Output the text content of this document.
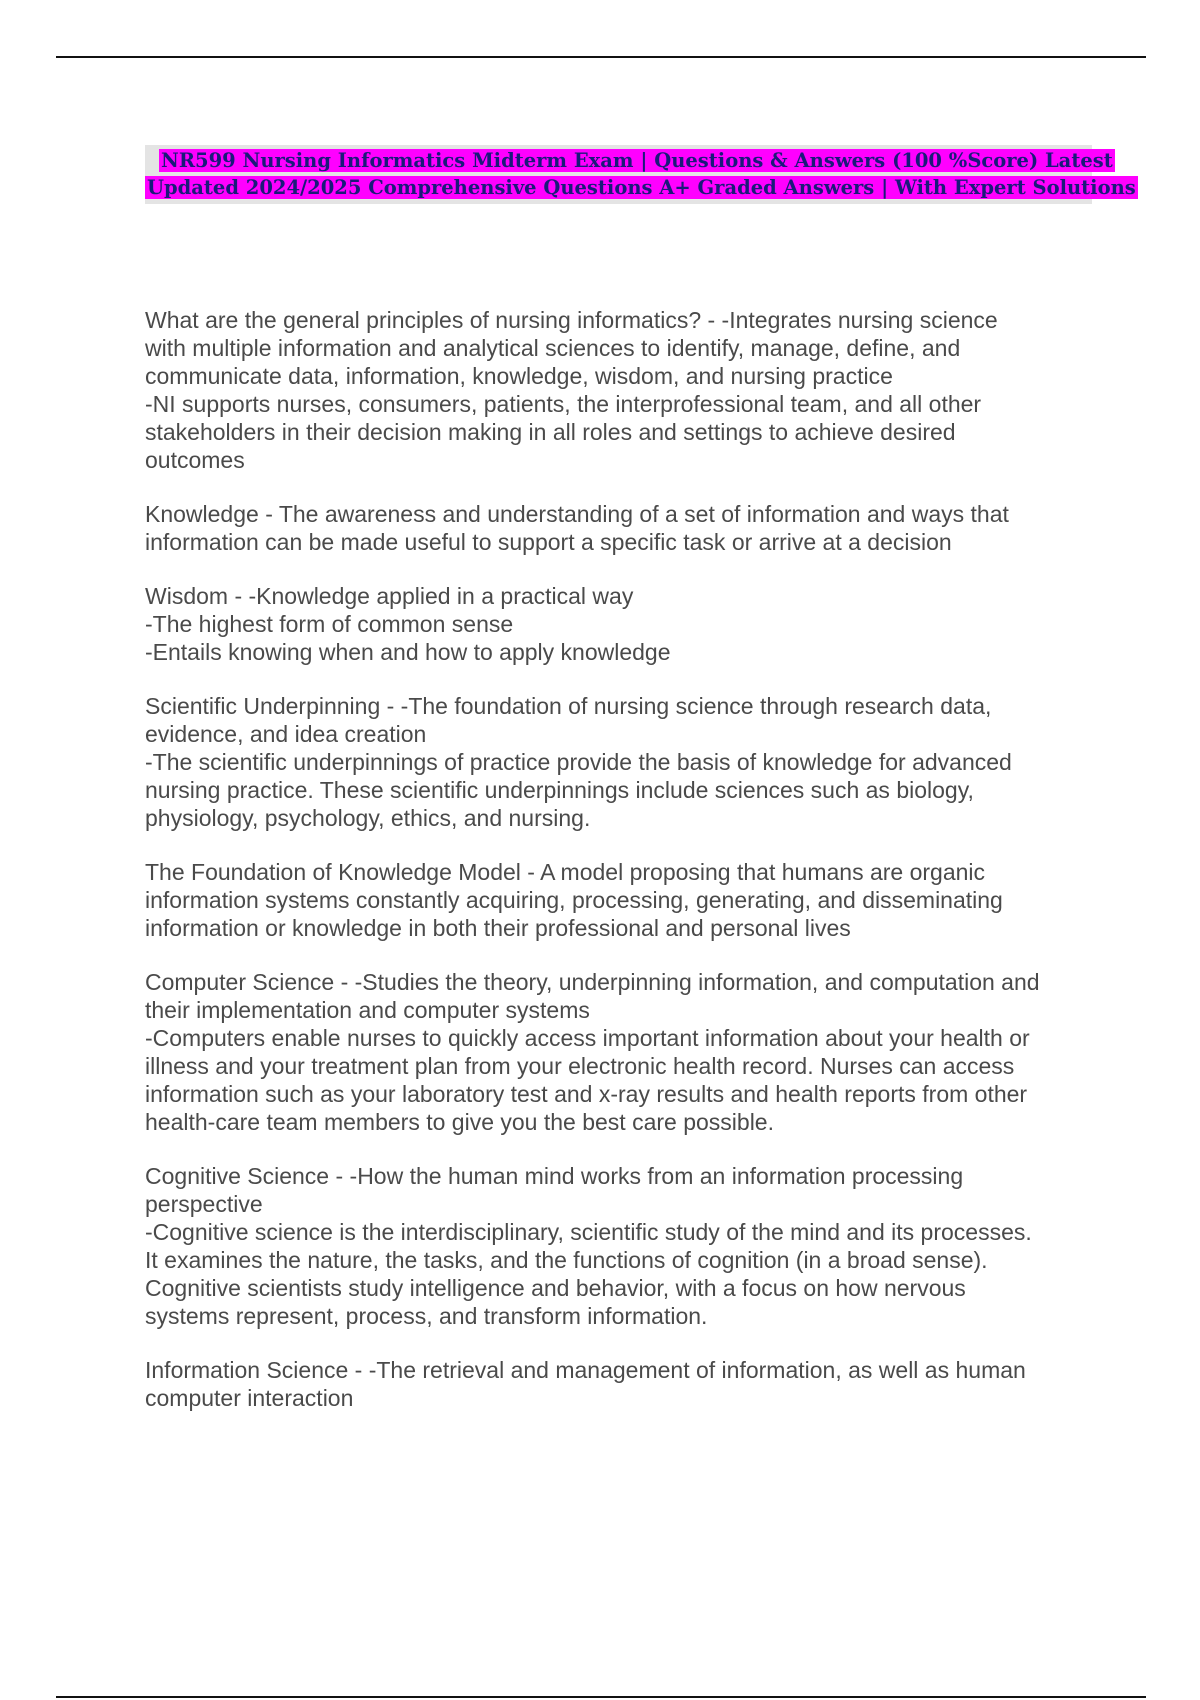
NR599 Nursing Informatics Midterm Exam | Questions & Answers (100 %Score) Latest
Updated 2024/2025 Comprehensive Questions A+ Graded Answers | With Expert Solutions
What are the general principles of nursing informatics? - -Integrates nursing science
with multiple information and analytical sciences to identify, manage, define, and
communicate data, information, knowledge, wisdom, and nursing practice
-NI supports nurses, consumers, patients, the interprofessional team, and all other
stakeholders in their decision making in all roles and settings to achieve desired
outcomes
Knowledge - The awareness and understanding of a set of information and ways that
information can be made useful to support a specific task or arrive at a decision
Wisdom - -Knowledge applied in a practical way
-The highest form of common sense
-Entails knowing when and how to apply knowledge
Scientific Underpinning - -The foundation of nursing science through research data,
evidence, and idea creation
-The scientific underpinnings of practice provide the basis of knowledge for advanced
nursing practice. These scientific underpinnings include sciences such as biology,
physiology, psychology, ethics, and nursing.
The Foundation of Knowledge Model - A model proposing that humans are organic
information systems constantly acquiring, processing, generating, and disseminating
information or knowledge in both their professional and personal lives
Computer Science - -Studies the theory, underpinning information, and computation and
their implementation and computer systems
-Computers enable nurses to quickly access important information about your health or
illness and your treatment plan from your electronic health record. Nurses can access
information such as your laboratory test and x-ray results and health reports from other
health-care team members to give you the best care possible.
Cognitive Science - -How the human mind works from an information processing
perspective
-Cognitive science is the interdisciplinary, scientific study of the mind and its processes.
It examines the nature, the tasks, and the functions of cognition (in a broad sense).
Cognitive scientists study intelligence and behavior, with a focus on how nervous
systems represent, process, and transform information.
Information Science - -The retrieval and management of information, as well as human
computer interaction
